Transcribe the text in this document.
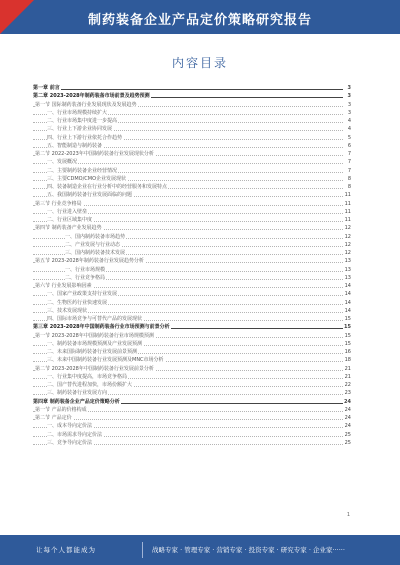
制药装备企业产品定价策略研究报告
内容目录
第一章 前言	3
第二章 2023-2028年制药装备市场前景及趋势预测	3
第一节 国际制药装备行业发展现状及发展趋势	3
一、行业市场规模持续扩大	3
二、行业市场集中度进一步提高	4
三、行业上下游企业协同发展	4
四、行业上下游行业依托合作趋势	5
五、智能制造与制药装备	6
第二节 2022-2023年中国制药装备行业发展现状分析	7
一、发展概况	7
二、主要制药装备企业经营情况	7
三、主要CDMO/CMO企业发展现状	8
四、装备制造企业在行业分析中的经营服务和发展特点	8
五、我国制药装备行业发展面临的问题	11
第三节 行业竞争格局	11
一、行业进入壁垒	11
二、行业区域集中度	11
第四节 制药装备产业发展趋势	12
一、国内制药装备市场趋势	12
二、产业发展与行业动态	12
三、国内制药装备技术发展	12
第五节 2023-2028年制药装备行业发展趋势分析	13
一、行业市场规模	13
二、行业竞争格局	13
第六节 行业发展影响因素	14
一、国家产业政策支持行业发展	14
二、生物医药行业快速发展	14
三、技术发展现状	14
四、国际市场竞争与可替代产品的发展现状	15
第三章 2023-2028年中国制药装备行业市场预测与前景分析	15
第一节 2023-2028年中国制药装备行业市场规模预测	15
一、制药装备市场规模预测及产业发展预测	15
二、未来国际制药装备行业发展前景预测	16
三、未来中国制药装备行业发展预测及MNC市场分析	18
第二节 2023-2028年中国制药装备行业发展前景分析	21
一、行业集中度提高，市场竞争格局	21
二、国产替代进程加快，市场份额扩大	22
三、制药装备行业发展方向	23
第四章 制药装备企业产品定价策略分析	24
第一节 产品的价格构成	24
第二节 产品定价	24
一、成本导向定价法	24
二、市场需求导向定价法	25
三、竞争导向定价法	25
1
让每个人都能成为	战略专家 · 管理专家 · 营销专家 · 投资专家 · 研究专家 · 企业家······
